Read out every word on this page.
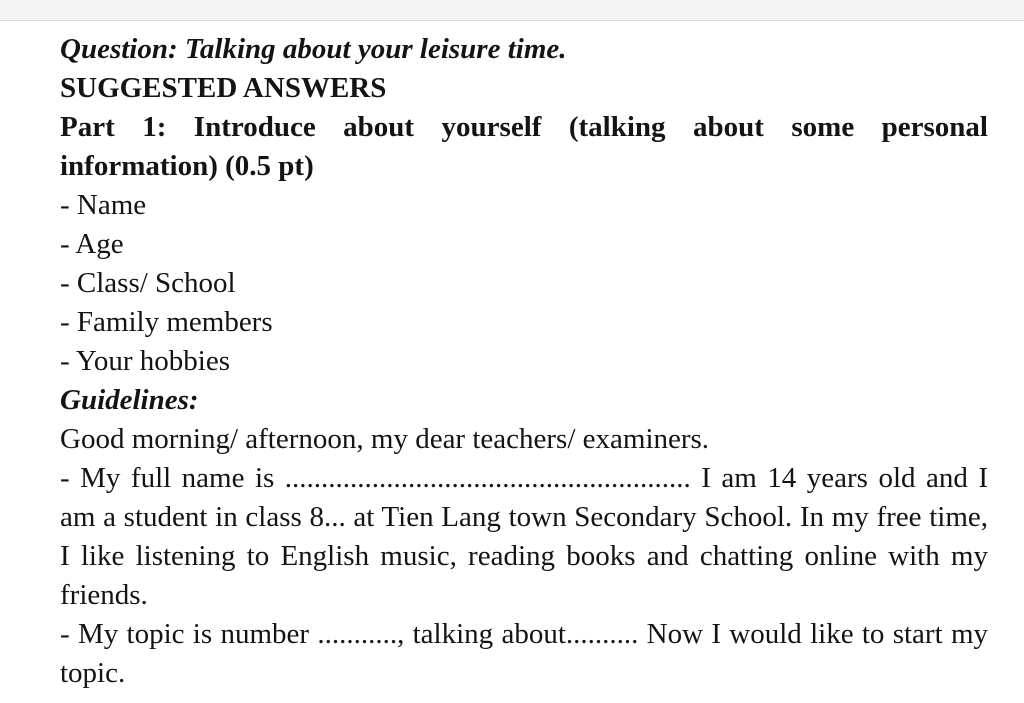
Question: Talking about your leisure time.

SUGGESTED ANSWERS

Part 1: Introduce about yourself (talking about some personal information) (0.5 pt)

- Name

- Age

- Class/ School

- Family members

- Your hobbies

Guidelines:

Good morning/ afternoon, my dear teachers/ examiners.

- My full name is ........................................................ I am 14 years old and I am a student in class 8... at Tien Lang town Secondary School. In my free time, I like listening to English music, reading books and chatting online with my friends.

- My topic is number ..........., talking about.......... Now I would like to start my topic.
